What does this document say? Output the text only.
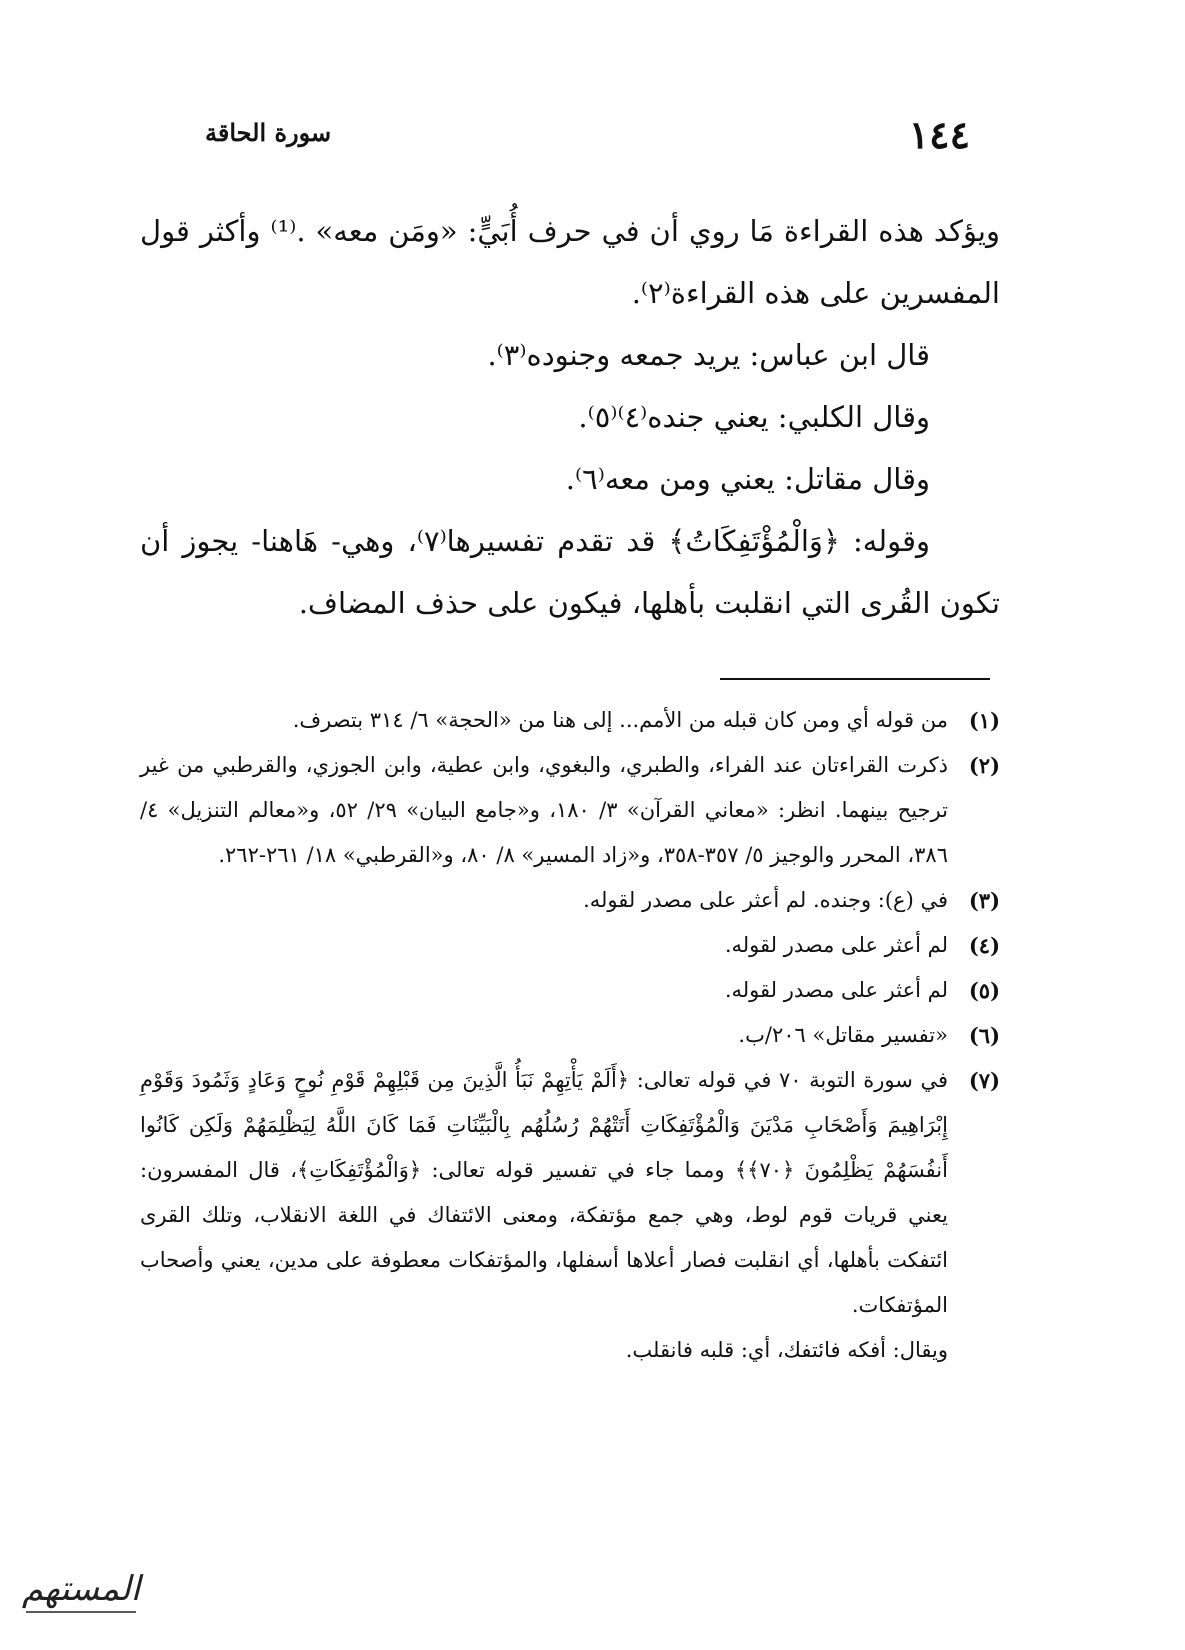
١٤٤
سورة الحاقة

ويؤكد هذه القراءة مَا روي أن في حرف أُبَيٍّ: «ومَن معه» .⁽¹⁾ وأكثر قول المفسرين على هذه القراءة⁽٢⁾.

قال ابن عباس: يريد جمعه وجنوده⁽٣⁾.

وقال الكلبي: يعني جنده⁽٤⁾⁽٥⁾.

وقال مقاتل: يعني ومن معه⁽٦⁾.

وقوله: ﴿وَالْمُؤْتَفِكَاتُ﴾ قد تقدم تفسيرها⁽٧⁾، وهي- هَاهنا- يجوز أن تكون القُرى التي انقلبت بأهلها، فيكون على حذف المضاف.

(١)

من قوله أي ومن كان قبله من الأمم... إلى هنا من «الحجة» ٦/ ٣١٤ بتصرف.

(٢)

ذكرت القراءتان عند الفراء، والطبري، والبغوي، وابن عطية، وابن الجوزي، والقرطبي من غير ترجيح بينهما. انظر: «معاني القرآن» ٣/ ١٨٠، و«جامع البيان» ٢٩/ ٥٢، و«معالم التنزيل» ٤/ ٣٨٦، المحرر والوجيز ٥/ ٣٥٧-٣٥٨، و«زاد المسير» ٨/ ٨٠، و«القرطبي» ١٨/ ٢٦١-٢٦٢.

(٣)

في (ع): وجنده. لم أعثر على مصدر لقوله.

(٤)

لم أعثر على مصدر لقوله.

(٥)

لم أعثر على مصدر لقوله.

(٦)

«تفسير مقاتل» ٢٠٦/ب.

(٧)

في سورة التوبة ٧٠ في قوله تعالى: ﴿أَلَمْ يَأْتِهِمْ نَبَأُ الَّذِينَ مِن قَبْلِهِمْ قَوْمِ نُوحٍ وَعَادٍ وَثَمُودَ وَقَوْمِ إِبْرَاهِيمَ وَأَصْحَابِ مَدْيَنَ وَالْمُؤْتَفِكَاتِ أَتَتْهُمْ رُسُلُهُم بِالْبَيِّنَاتِ فَمَا كَانَ اللَّهُ لِيَظْلِمَهُمْ وَلَكِن كَانُوا أَنفُسَهُمْ يَظْلِمُونَ ﴿٧٠﴾﴾ ومما جاء في تفسير قوله تعالى: ﴿وَالْمُؤْتَفِكَاتِ﴾، قال المفسرون: يعني قريات قوم لوط، وهي جمع مؤتفكة، ومعنى الائتفاك في اللغة الانقلاب، وتلك القرى ائتفكت بأهلها، أي انقلبت فصار أعلاها أسفلها، والمؤتفكات معطوفة على مدين، يعني وأصحاب المؤتفكات.

ويقال: أفكه فائتفك، أي: قلبه فانقلب.

المستهم
